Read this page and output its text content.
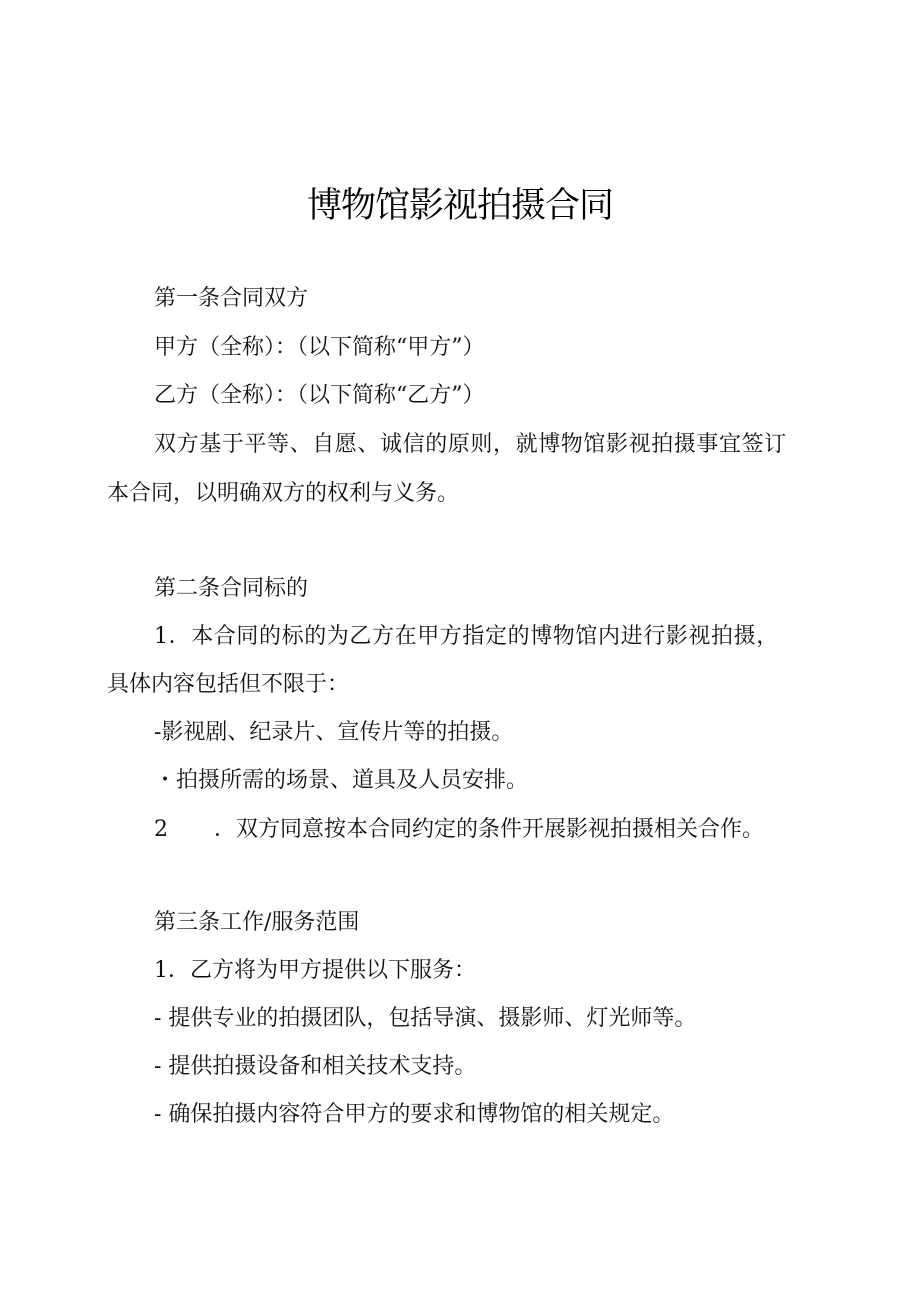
博物馆影视拍摄合同
第一条合同双方
甲方（全称）：（以下简称“甲方”）
乙方（全称）：（以下简称“乙方”）
双方基于平等、自愿、诚信的原则，就博物馆影视拍摄事宜签订
本合同，以明确双方的权利与义务。
第二条合同标的
1．本合同的标的为乙方在甲方指定的博物馆内进行影视拍摄，
具体内容包括但不限于：
-影视剧、纪录片、宣传片等的拍摄。
・拍摄所需的场景、道具及人员安排。
2 ．双方同意按本合同约定的条件开展影视拍摄相关合作。
第三条工作/服务范围
1．乙方将为甲方提供以下服务：
- 提供专业的拍摄团队，包括导演、摄影师、灯光师等。
- 提供拍摄设备和相关技术支持。
- 确保拍摄内容符合甲方的要求和博物馆的相关规定。
